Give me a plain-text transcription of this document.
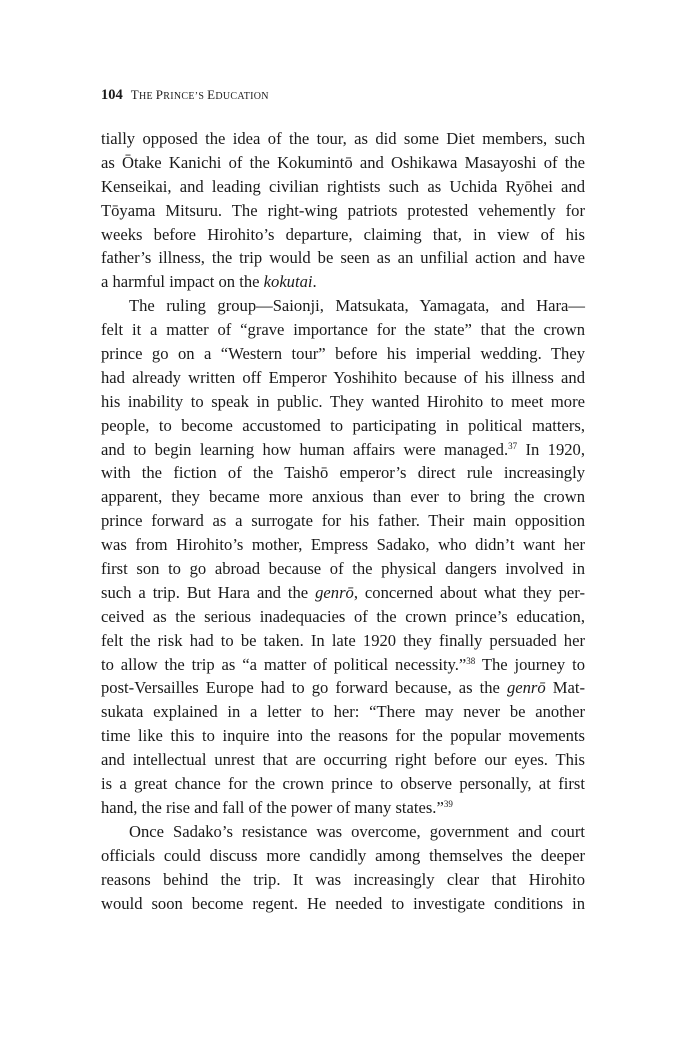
104 THE PRINCE’S EDUCATION
tially opposed the idea of the tour, as did some Diet members, such
as Ōtake Kanichi of the Kokumintō and Oshikawa Masayoshi of the
Kenseikai, and leading civilian rightists such as Uchida Ryōhei and
Tōyama Mitsuru. The right-wing patriots protested vehemently for
weeks before Hirohito’s departure, claiming that, in view of his
father’s illness, the trip would be seen as an unfilial action and have
a harmful impact on the kokutai.
The ruling group—Saionji, Matsukata, Yamagata, and Hara—
felt it a matter of “grave importance for the state” that the crown
prince go on a “Western tour” before his imperial wedding. They
had already written off Emperor Yoshihito because of his illness and
his inability to speak in public. They wanted Hirohito to meet more
people, to become accustomed to participating in political matters,
and to begin learning how human affairs were managed.$^{37}$ In 1920,
with the fiction of the Taishō emperor’s direct rule increasingly
apparent, they became more anxious than ever to bring the crown
prince forward as a surrogate for his father. Their main opposition
was from Hirohito’s mother, Empress Sadako, who didn’t want her
first son to go abroad because of the physical dangers involved in
such a trip. But Hara and the genrō, concerned about what they per-
ceived as the serious inadequacies of the crown prince’s education,
felt the risk had to be taken. In late 1920 they finally persuaded her
to allow the trip as “a matter of political necessity.”$^{38}$ The journey to
post-Versailles Europe had to go forward because, as the genrō Mat-
sukata explained in a letter to her: “There may never be another
time like this to inquire into the reasons for the popular movements
and intellectual unrest that are occurring right before our eyes. This
is a great chance for the crown prince to observe personally, at first
hand, the rise and fall of the power of many states.”$^{39}$
Once Sadako’s resistance was overcome, government and court
officials could discuss more candidly among themselves the deeper
reasons behind the trip. It was increasingly clear that Hirohito
would soon become regent. He needed to investigate conditions in
